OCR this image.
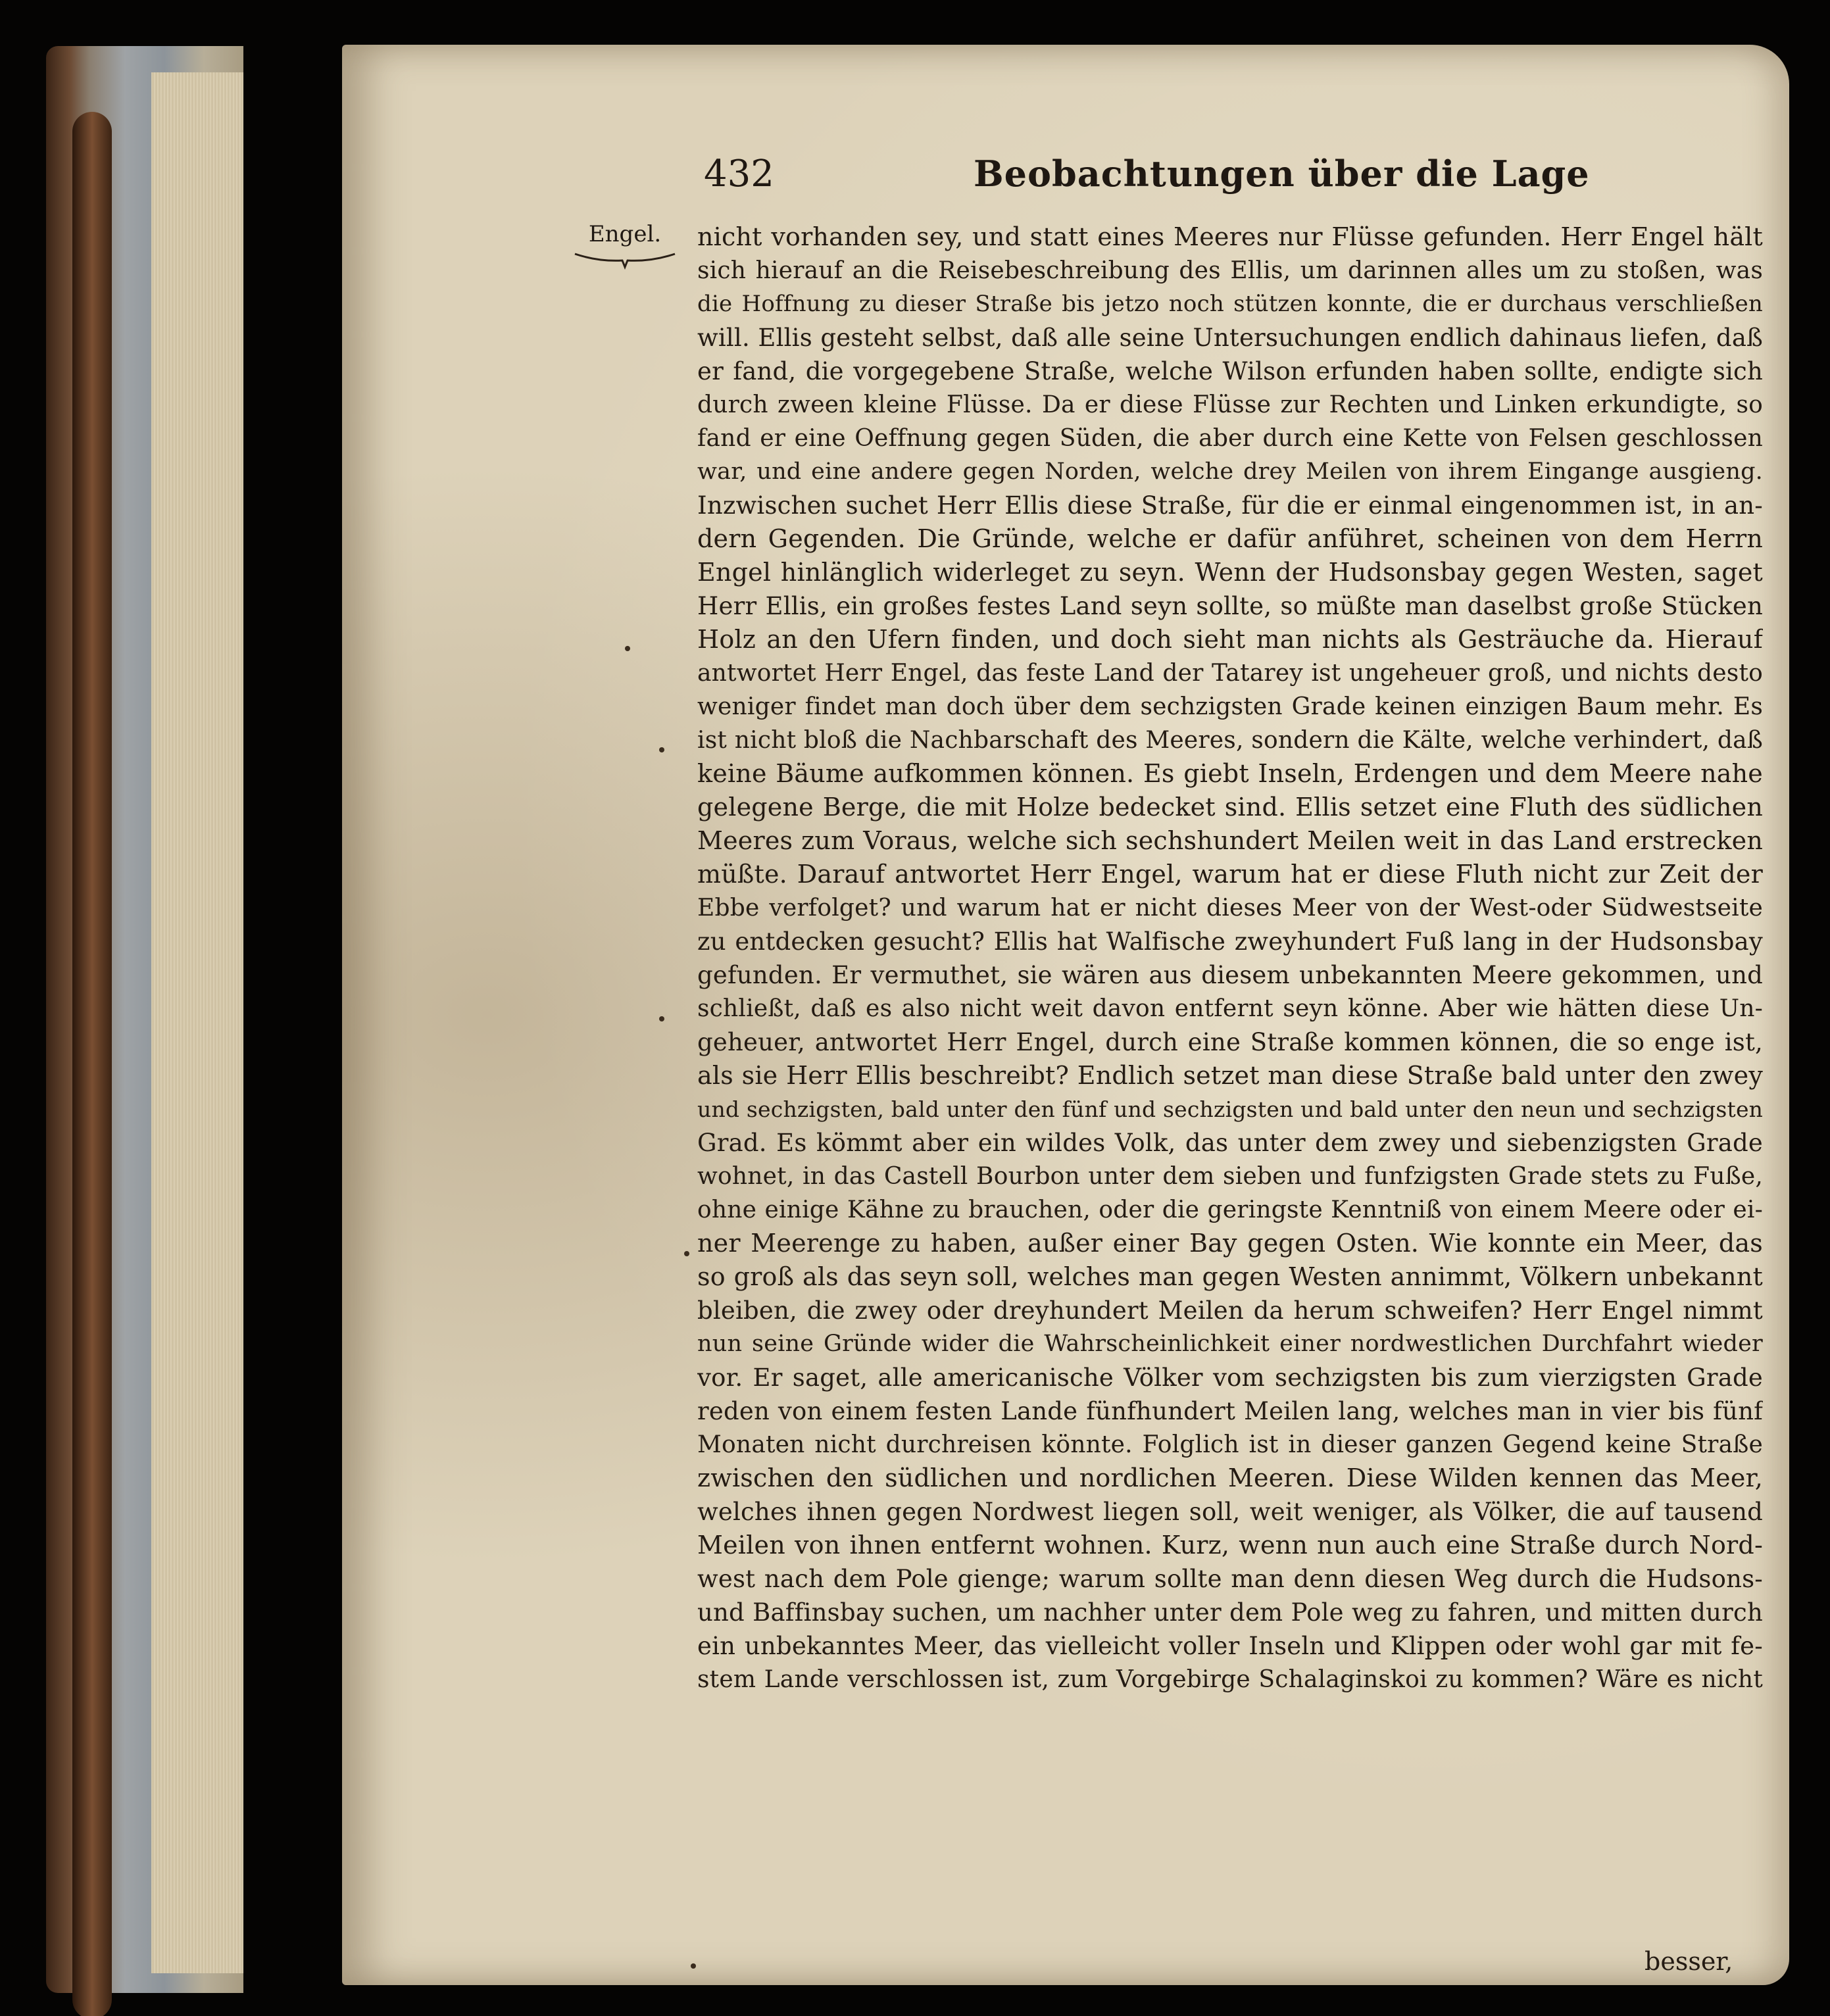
432	Beobachtungen über die Lage
Engel.	nicht vorhanden sey, und statt eines Meeres nur Flüsse gefunden. Herr Engel hält
sich hierauf an die Reisebeschreibung des Ellis, um darinnen alles um zu stoßen, was
die Hoffnung zu dieser Straße bis jetzo noch stützen konnte, die er durchaus verschließen
will. Ellis gesteht selbst, daß alle seine Untersuchungen endlich dahinaus liefen, daß
er fand, die vorgegebene Straße, welche Wilson erfunden haben sollte, endigte sich
durch zween kleine Flüsse. Da er diese Flüsse zur Rechten und Linken erkundigte, so
fand er eine Oeffnung gegen Süden, die aber durch eine Kette von Felsen geschlossen
war, und eine andere gegen Norden, welche drey Meilen von ihrem Eingange ausgieng.
Inzwischen suchet Herr Ellis diese Straße, für die er einmal eingenommen ist, in an-
dern Gegenden. Die Gründe, welche er dafür anführet, scheinen von dem Herrn
Engel hinlänglich widerleget zu seyn. Wenn der Hudsonsbay gegen Westen, saget
Herr Ellis, ein großes festes Land seyn sollte, so müßte man daselbst große Stücken
Holz an den Ufern finden, und doch sieht man nichts als Gesträuche da. Hierauf
antwortet Herr Engel, das feste Land der Tatarey ist ungeheuer groß, und nichts desto
weniger findet man doch über dem sechzigsten Grade keinen einzigen Baum mehr. Es
ist nicht bloß die Nachbarschaft des Meeres, sondern die Kälte, welche verhindert, daß
keine Bäume aufkommen können. Es giebt Inseln, Erdengen und dem Meere nahe
gelegene Berge, die mit Holze bedecket sind. Ellis setzet eine Fluth des südlichen
Meeres zum Voraus, welche sich sechshundert Meilen weit in das Land erstrecken
müßte. Darauf antwortet Herr Engel, warum hat er diese Fluth nicht zur Zeit der
Ebbe verfolget? und warum hat er nicht dieses Meer von der West-oder Südwestseite
zu entdecken gesucht? Ellis hat Walfische zweyhundert Fuß lang in der Hudsonsbay
gefunden. Er vermuthet, sie wären aus diesem unbekannten Meere gekommen, und
schließt, daß es also nicht weit davon entfernt seyn könne. Aber wie hätten diese Un-
geheuer, antwortet Herr Engel, durch eine Straße kommen können, die so enge ist,
als sie Herr Ellis beschreibt? Endlich setzet man diese Straße bald unter den zwey
und sechzigsten, bald unter den fünf und sechzigsten und bald unter den neun und sechzigsten
Grad. Es kömmt aber ein wildes Volk, das unter dem zwey und siebenzigsten Grade
wohnet, in das Castell Bourbon unter dem sieben und funfzigsten Grade stets zu Fuße,
ohne einige Kähne zu brauchen, oder die geringste Kenntniß von einem Meere oder ei-
ner Meerenge zu haben, außer einer Bay gegen Osten. Wie konnte ein Meer, das
so groß als das seyn soll, welches man gegen Westen annimmt, Völkern unbekannt
bleiben, die zwey oder dreyhundert Meilen da herum schweifen? Herr Engel nimmt
nun seine Gründe wider die Wahrscheinlichkeit einer nordwestlichen Durchfahrt wieder
vor. Er saget, alle americanische Völker vom sechzigsten bis zum vierzigsten Grade
reden von einem festen Lande fünfhundert Meilen lang, welches man in vier bis fünf
Monaten nicht durchreisen könnte. Folglich ist in dieser ganzen Gegend keine Straße
zwischen den südlichen und nordlichen Meeren. Diese Wilden kennen das Meer,
welches ihnen gegen Nordwest liegen soll, weit weniger, als Völker, die auf tausend
Meilen von ihnen entfernt wohnen. Kurz, wenn nun auch eine Straße durch Nord-
west nach dem Pole gienge; warum sollte man denn diesen Weg durch die Hudsons-
und Baffinsbay suchen, um nachher unter dem Pole weg zu fahren, und mitten durch
ein unbekanntes Meer, das vielleicht voller Inseln und Klippen oder wohl gar mit fe-
stem Lande verschlossen ist, zum Vorgebirge Schalaginskoi zu kommen? Wäre es nicht
besser,
